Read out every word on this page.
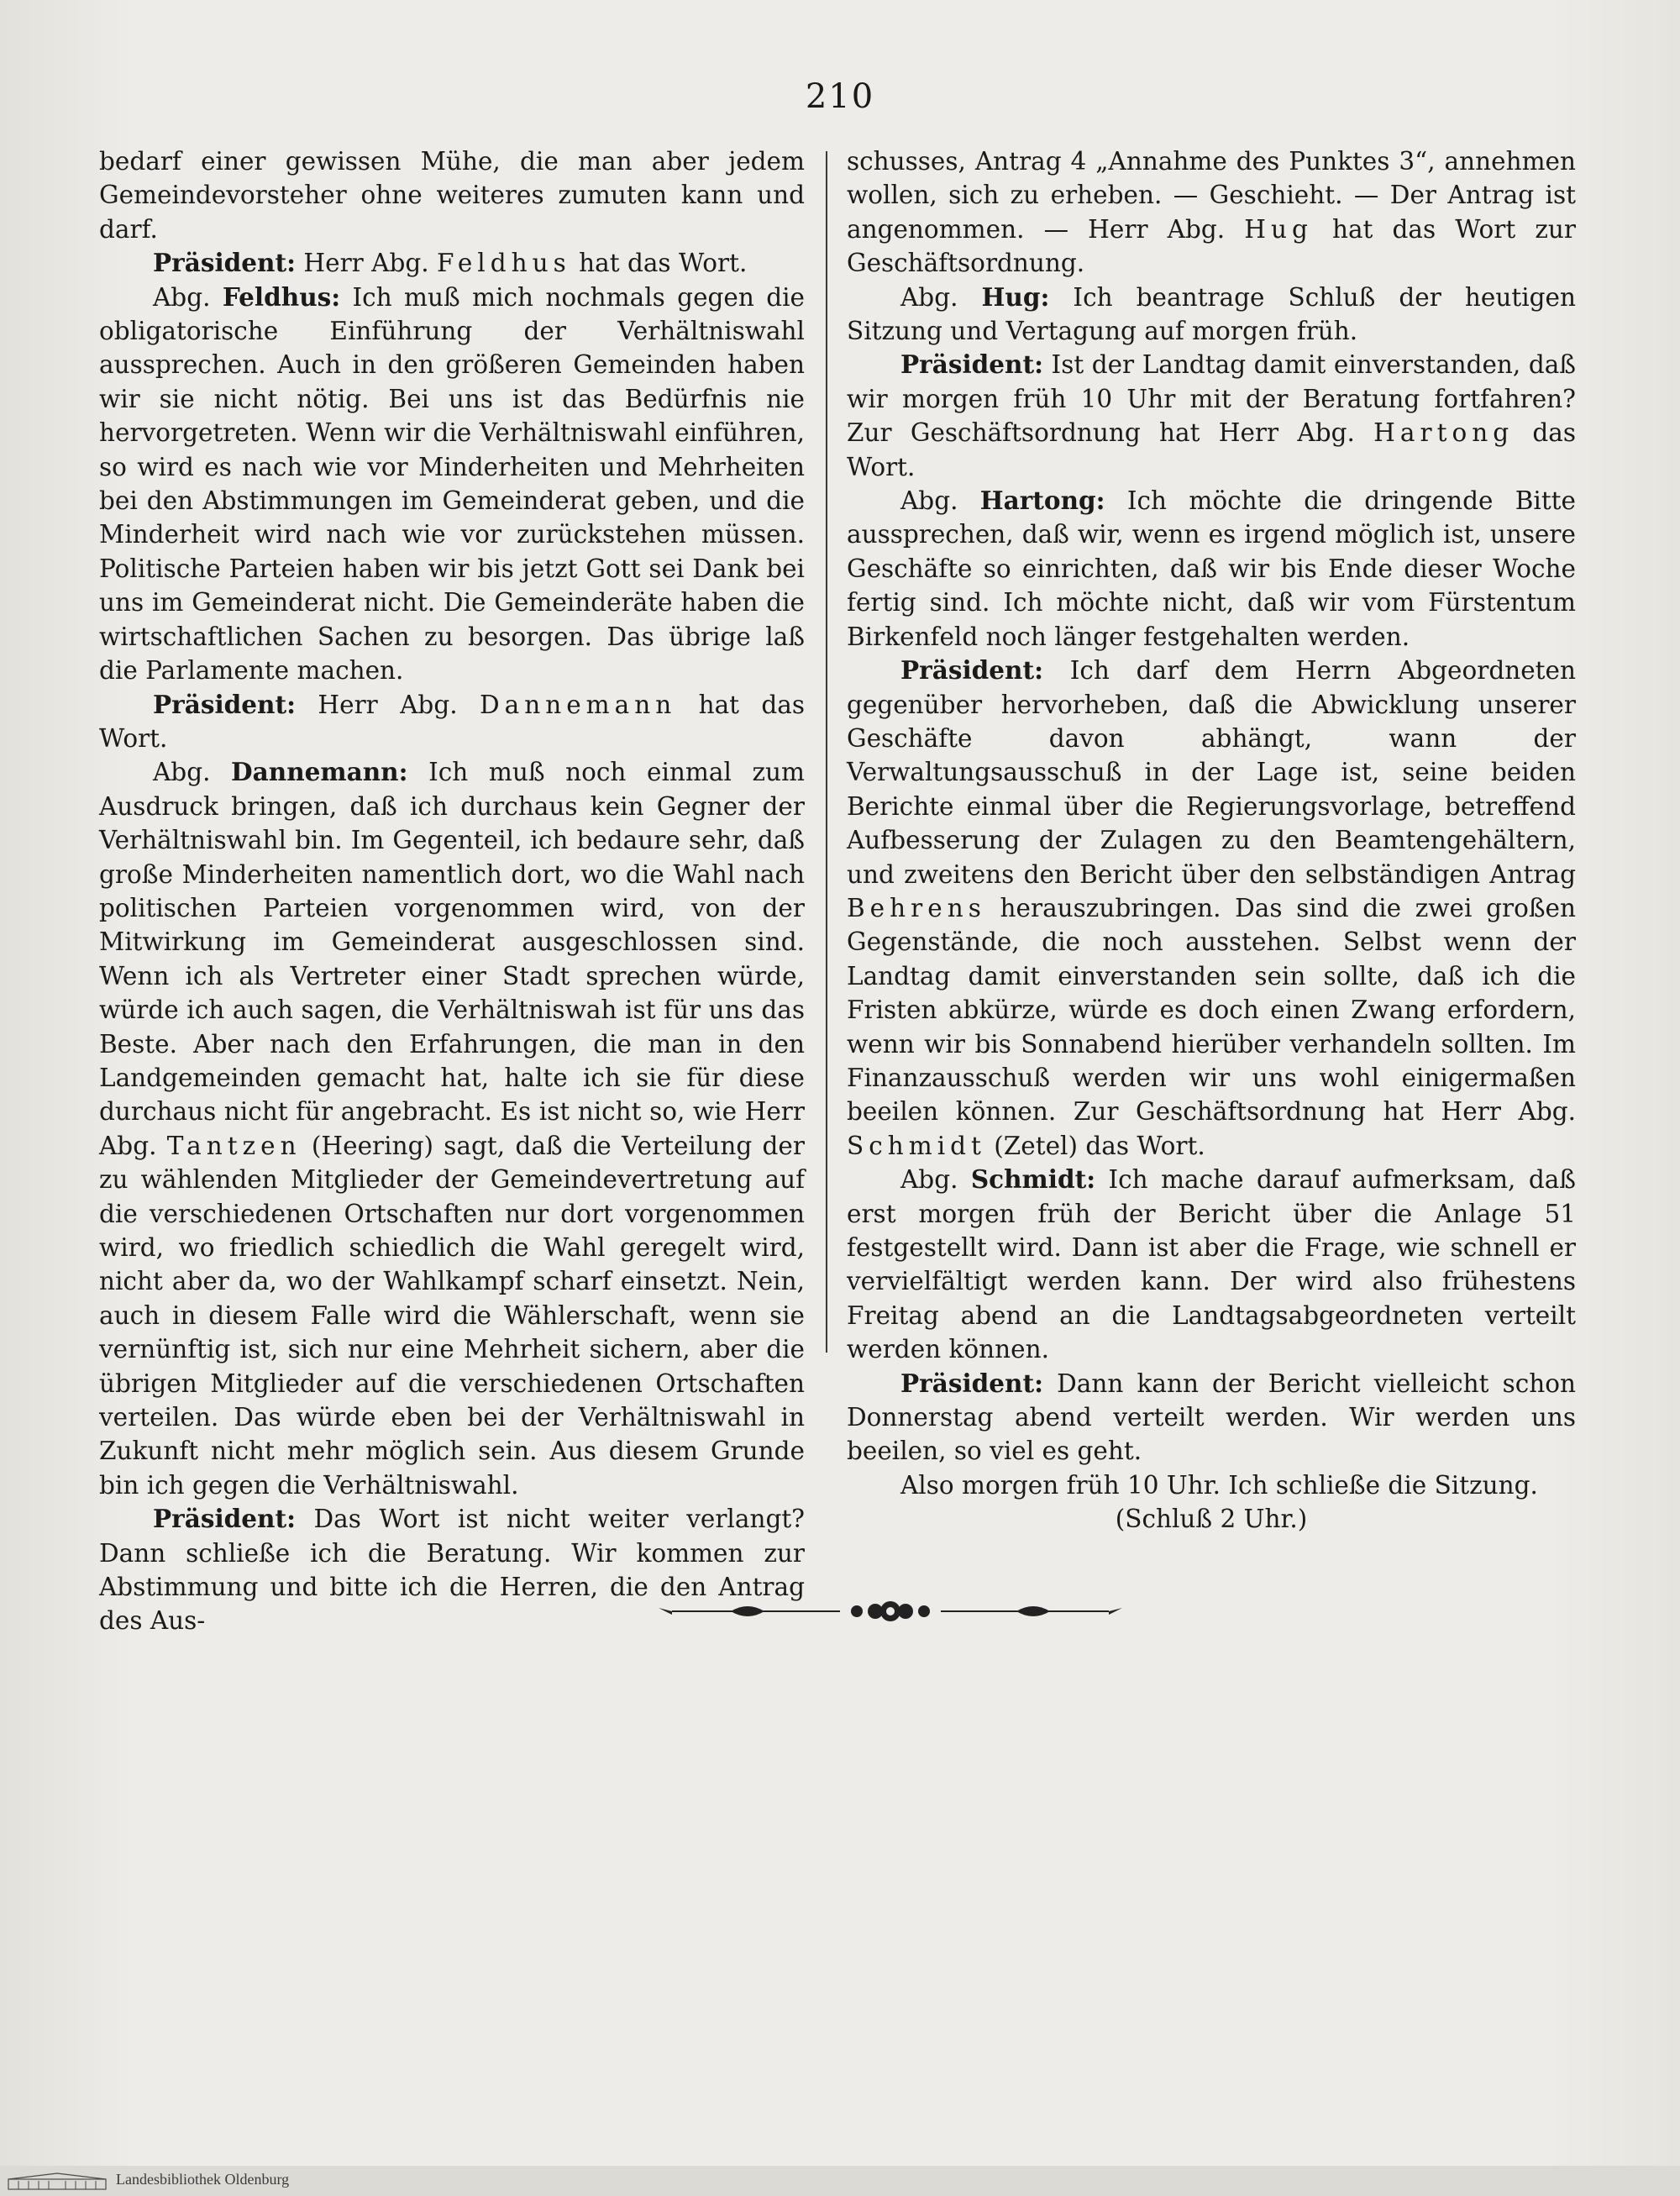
210

bedarf einer gewissen Mühe, die man aber jedem Gemeindevorsteher ohne weiteres zumuten kann und darf.

Präsident: Herr Abg. Feldhus hat das Wort.

Abg. Feldhus: Ich muß mich nochmals gegen die obligatorische Einführung der Verhältniswahl aussprechen. Auch in den größeren Gemeinden haben wir sie nicht nötig. Bei uns ist das Bedürfnis nie hervorgetreten. Wenn wir die Verhältniswahl einführen, so wird es nach wie vor Minderheiten und Mehrheiten bei den Abstimmungen im Gemeinderat geben, und die Minderheit wird nach wie vor zurückstehen müssen. Politische Parteien haben wir bis jetzt Gott sei Dank bei uns im Gemeinderat nicht. Die Gemeinderäte haben die wirtschaftlichen Sachen zu besorgen. Das übrige laß die Parlamente machen.

Präsident: Herr Abg. Dannemann hat das Wort.

Abg. Dannemann: Ich muß noch einmal zum Ausdruck bringen, daß ich durchaus kein Gegner der Verhältniswahl bin. Im Gegenteil, ich bedaure sehr, daß große Minderheiten namentlich dort, wo die Wahl nach politischen Parteien vorgenommen wird, von der Mitwirkung im Gemeinderat ausgeschlossen sind. Wenn ich als Vertreter einer Stadt sprechen würde, würde ich auch sagen, die Verhältniswah ist für uns das Beste. Aber nach den Erfahrungen, die man in den Landgemeinden gemacht hat, halte ich sie für diese durchaus nicht für angebracht. Es ist nicht so, wie Herr Abg. Tantzen (Heering) sagt, daß die Verteilung der zu wählenden Mitglieder der Gemeindevertretung auf die verschiedenen Ortschaften nur dort vorgenommen wird, wo friedlich schiedlich die Wahl geregelt wird, nicht aber da, wo der Wahlkampf scharf einsetzt. Nein, auch in diesem Falle wird die Wählerschaft, wenn sie vernünftig ist, sich nur eine Mehrheit sichern, aber die übrigen Mitglieder auf die verschiedenen Ortschaften verteilen. Das würde eben bei der Verhältniswahl in Zukunft nicht mehr möglich sein. Aus diesem Grunde bin ich gegen die Verhältniswahl.

Präsident: Das Wort ist nicht weiter verlangt? Dann schließe ich die Beratung. Wir kommen zur Abstimmung und bitte ich die Herren, die den Antrag des Aus-

schusses, Antrag 4 „Annahme des Punktes 3“, annehmen wollen, sich zu erheben. — Geschieht. — Der Antrag ist angenommen. — Herr Abg. Hug hat das Wort zur Geschäftsordnung.

Abg. Hug: Ich beantrage Schluß der heutigen Sitzung und Vertagung auf morgen früh.

Präsident: Ist der Landtag damit einverstanden, daß wir morgen früh 10 Uhr mit der Beratung fortfahren? Zur Geschäftsordnung hat Herr Abg. Hartong das Wort.

Abg. Hartong: Ich möchte die dringende Bitte aussprechen, daß wir, wenn es irgend möglich ist, unsere Geschäfte so einrichten, daß wir bis Ende dieser Woche fertig sind. Ich möchte nicht, daß wir vom Fürstentum Birkenfeld noch länger festgehalten werden.

Präsident: Ich darf dem Herrn Abgeordneten gegenüber hervorheben, daß die Abwicklung unserer Geschäfte davon abhängt, wann der Verwaltungsausschuß in der Lage ist, seine beiden Berichte einmal über die Regierungsvorlage, betreffend Aufbesserung der Zulagen zu den Beamtengehältern, und zweitens den Bericht über den selbständigen Antrag Behrens herauszubringen. Das sind die zwei großen Gegenstände, die noch ausstehen. Selbst wenn der Landtag damit einverstanden sein sollte, daß ich die Fristen abkürze, würde es doch einen Zwang erfordern, wenn wir bis Sonnabend hierüber verhandeln sollten. Im Finanzausschuß werden wir uns wohl einigermaßen beeilen können. Zur Geschäftsordnung hat Herr Abg. Schmidt (Zetel) das Wort.

Abg. Schmidt: Ich mache darauf aufmerksam, daß erst morgen früh der Bericht über die Anlage 51 festgestellt wird. Dann ist aber die Frage, wie schnell er vervielfältigt werden kann. Der wird also frühestens Freitag abend an die Landtagsabgeordneten verteilt werden können.

Präsident: Dann kann der Bericht vielleicht schon Donnerstag abend verteilt werden. Wir werden uns beeilen, so viel es geht.

Also morgen früh 10 Uhr. Ich schließe die Sitzung.

(Schluß 2 Uhr.)

Landesbibliothek Oldenburg
